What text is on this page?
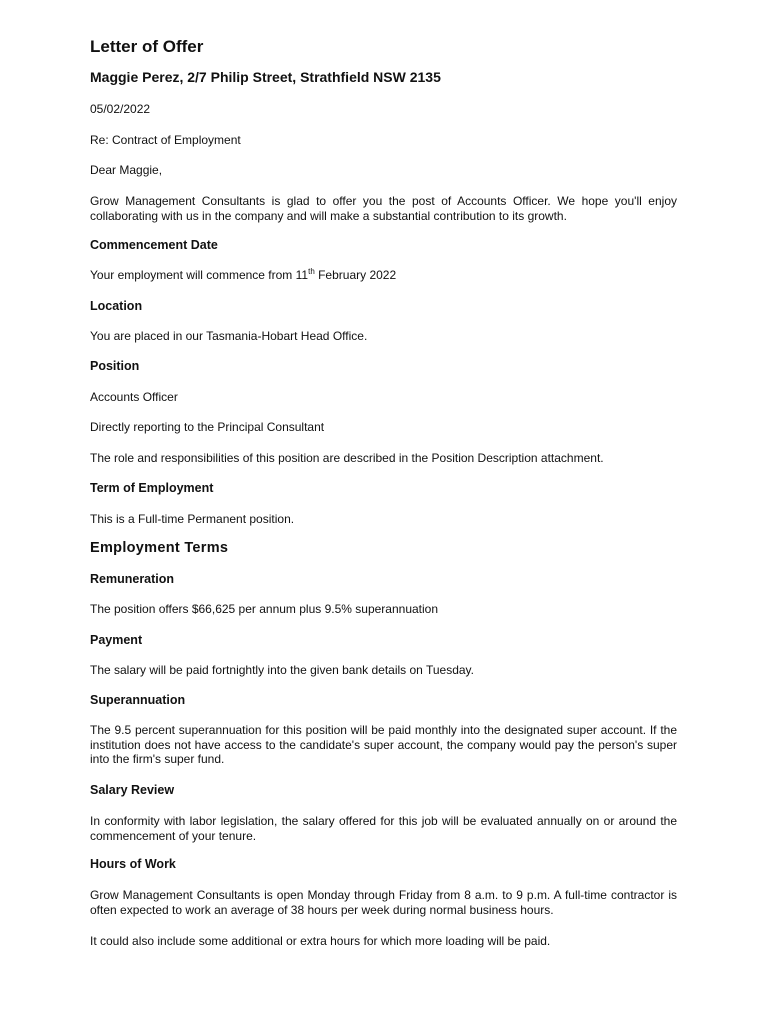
Letter of Offer
Maggie Perez, 2/7 Philip Street, Strathfield NSW 2135
05/02/2022
Re: Contract of Employment
Dear Maggie,
Grow Management Consultants is glad to offer you the post of Accounts Officer. We hope you'll enjoy collaborating with us in the company and will make a substantial contribution to its growth.
Commencement Date
Your employment will commence from 11th February 2022
Location
You are placed in our Tasmania-Hobart Head Office.
Position
Accounts Officer
Directly reporting to the Principal Consultant
The role and responsibilities of this position are described in the Position Description attachment.
Term of Employment
This is a Full-time Permanent position.
Employment Terms
Remuneration
The position offers $66,625 per annum plus 9.5% superannuation
Payment
The salary will be paid fortnightly into the given bank details on Tuesday.
Superannuation
The 9.5 percent superannuation for this position will be paid monthly into the designated super account. If the institution does not have access to the candidate's super account, the company would pay the person's super into the firm's super fund.
Salary Review
In conformity with labor legislation, the salary offered for this job will be evaluated annually on or around the commencement of your tenure.
Hours of Work
Grow Management Consultants is open Monday through Friday from 8 a.m. to 9 p.m. A full-time contractor is often expected to work an average of 38 hours per week during normal business hours.
It could also include some additional or extra hours for which more loading will be paid.
